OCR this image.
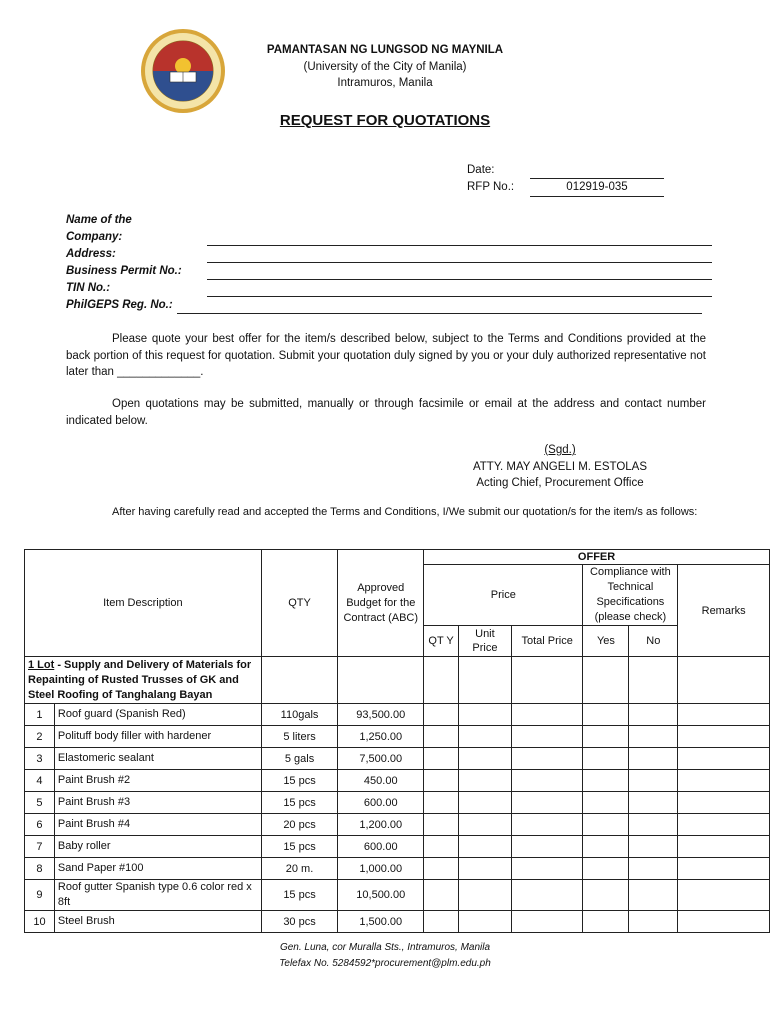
PAMANTASAN NG LUNGSOD NG MAYNILA
(University of the City of Manila)
Intramuros, Manila
REQUEST FOR QUOTATIONS
Date:
RFP No.:	012919-035
Name of the
Company:
Address:
Business Permit No.:
TIN No.:
PhilGEPS Reg. No.:
Please quote your best offer for the item/s described below, subject to the Terms and Conditions provided at the back portion of this request for quotation. Submit your quotation duly signed by you or your duly authorized representative not later than _____________.
Open quotations may be submitted, manually or through facsimile or email at the address and contact number indicated below.
(Sgd.)
ATTY. MAY ANGELI M. ESTOLAS
Acting Chief, Procurement Office
After having carefully read and accepted the Terms and Conditions, I/We submit our quotation/s for the item/s as follows:
Item Description		QTY	Approved Budget for the Contract (ABC)	OFFER					
				Price			Compliance with Technical Specifications (please check)		Remarks
				QT Y	Unit Price	Total Price	Yes	No	
1 Lot - Supply and Delivery of Materials for Repainting of Rusted Trusses of GK and Steel Roofing of Tanghalang Bayan									
1	Roof guard (Spanish Red)	110gals	93,500.00						
2	Polituff body filler with hardener	5 liters	1,250.00						
3	Elastomeric sealant	5 gals	7,500.00						
4	Paint Brush #2	15 pcs	450.00						
5	Paint Brush #3	15 pcs	600.00						
6	Paint Brush #4	20 pcs	1,200.00						
7	Baby roller	15 pcs	600.00						
8	Sand Paper #100	20 m.	1,000.00						
9	Roof gutter Spanish type 0.6 color red x 8ft	15 pcs	10,500.00						
10	Steel Brush	30 pcs	1,500.00						
Gen. Luna, cor Muralla Sts., Intramuros, Manila
Telefax No. 5284592*procurement@plm.edu.ph
